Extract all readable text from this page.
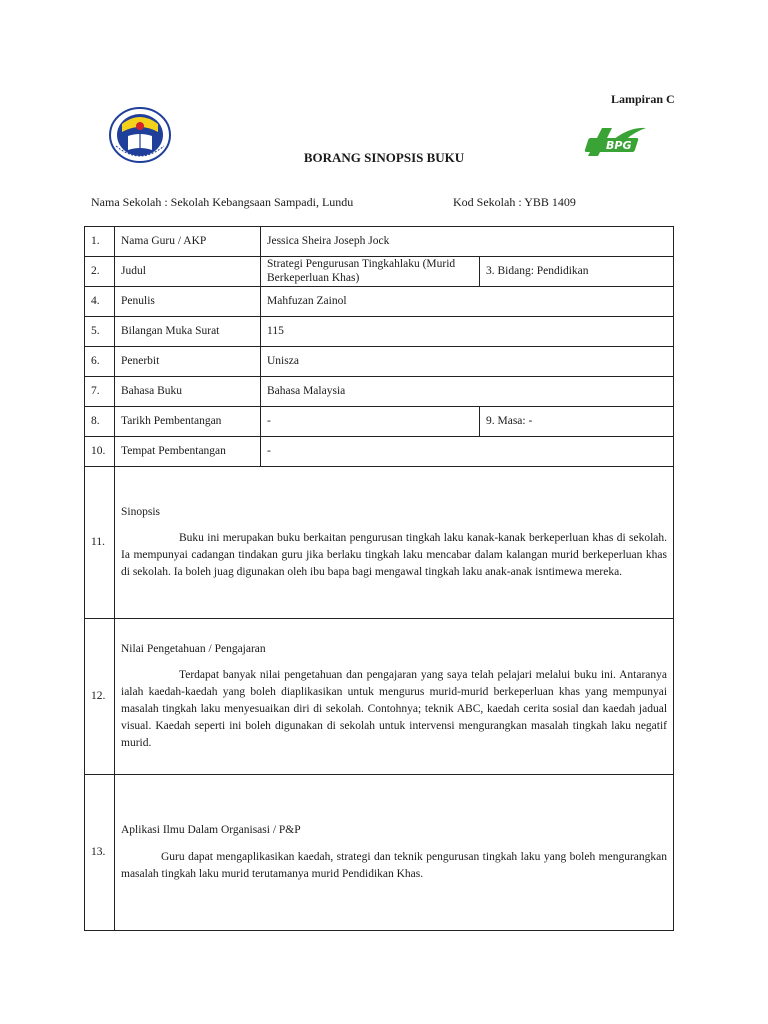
Lampiran C
BPG
BORANG SINOPSIS BUKU
Nama Sekolah : Sekolah Kebangsaan Sampadi, Lundu	Kod Sekolah : YBB 1409
1.	Nama Guru / AKP	Jessica Sheira Joseph Jock	
2.	Judul	Strategi Pengurusan Tingkahlaku (Murid Berkeperluan Khas)	3. Bidang: Pendidikan
4.	Penulis	Mahfuzan Zainol	
5.	Bilangan Muka Surat	115	
6.	Penerbit	Unisza	
7.	Bahasa Buku	Bahasa Malaysia	
8.	Tarikh Pembentangan	-	9. Masa: -
10.	Tempat Pembentangan	-	
11.	Sinopsis

Buku ini merupakan buku berkaitan pengurusan tingkah laku kanak-kanak berkeperluan khas di sekolah. Ia mempunyai cadangan tindakan guru jika berlaku tingkah laku mencabar dalam kalangan murid berkeperluan khas di sekolah. Ia boleh juag digunakan oleh ibu bapa bagi mengawal tingkah laku anak-anak isntimewa mereka.		

12.	Nilai Pengetahuan / Pengajaran

Terdapat banyak nilai pengetahuan dan pengajaran yang saya telah pelajari melalui buku ini. Antaranya ialah kaedah-kaedah yang boleh diaplikasikan untuk mengurus murid-murid berkeperluan khas yang mempunyai masalah tingkah laku menyesuaikan diri di sekolah. Contohnya; teknik ABC, kaedah cerita sosial dan kaedah jadual visual. Kaedah seperti ini boleh digunakan di sekolah untuk intervensi mengurangkan masalah tingkah laku negatif murid.		

13.	Aplikasi Ilmu Dalam Organisasi / P&P

Guru dapat mengaplikasikan kaedah, strategi dan teknik pengurusan tingkah laku yang boleh mengurangkan masalah tingkah laku murid terutamanya murid Pendidikan Khas.		
